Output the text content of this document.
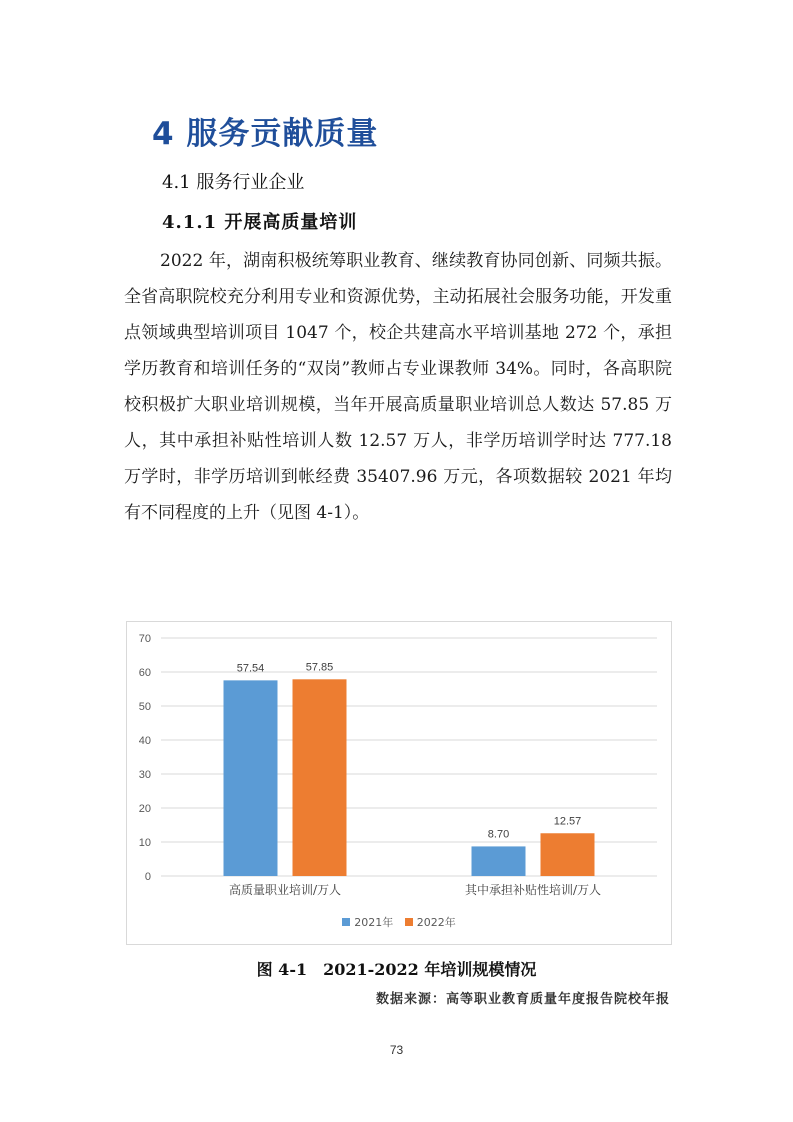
4 服务贡献质量
4.1 服务行业企业
4.1.1 开展高质量培训

2022 年，湖南积极统筹职业教育、继续教育协同创新、同频共振。全省高职院校充分利用专业和资源优势，主动拓展社会服务功能，开发重点领域典型培训项目 1047 个，校企共建高水平培训基地 272 个，承担学历教育和培训任务的“双岗”教师占专业课教师 34%。同时，各高职院校积极扩大职业培训规模，当年开展高质量职业培训总人数达 57.85 万人，其中承担补贴性培训人数 12.57 万人，非学历培训学时达 777.18 万学时，非学历培训到帐经费 35407.96 万元，各项数据较 2021 年均有不同程度的上升（见图 4-1）。

0
10
20
30
40
50
60
70
57.54	57.85
高质量职业培训/万人
8.70
12.57
其中承担补贴性培训/万人
2021年
2022年

图 4-1　2021-2022 年培训规模情况

数据来源：高等职业教育质量年度报告院校年报

73
